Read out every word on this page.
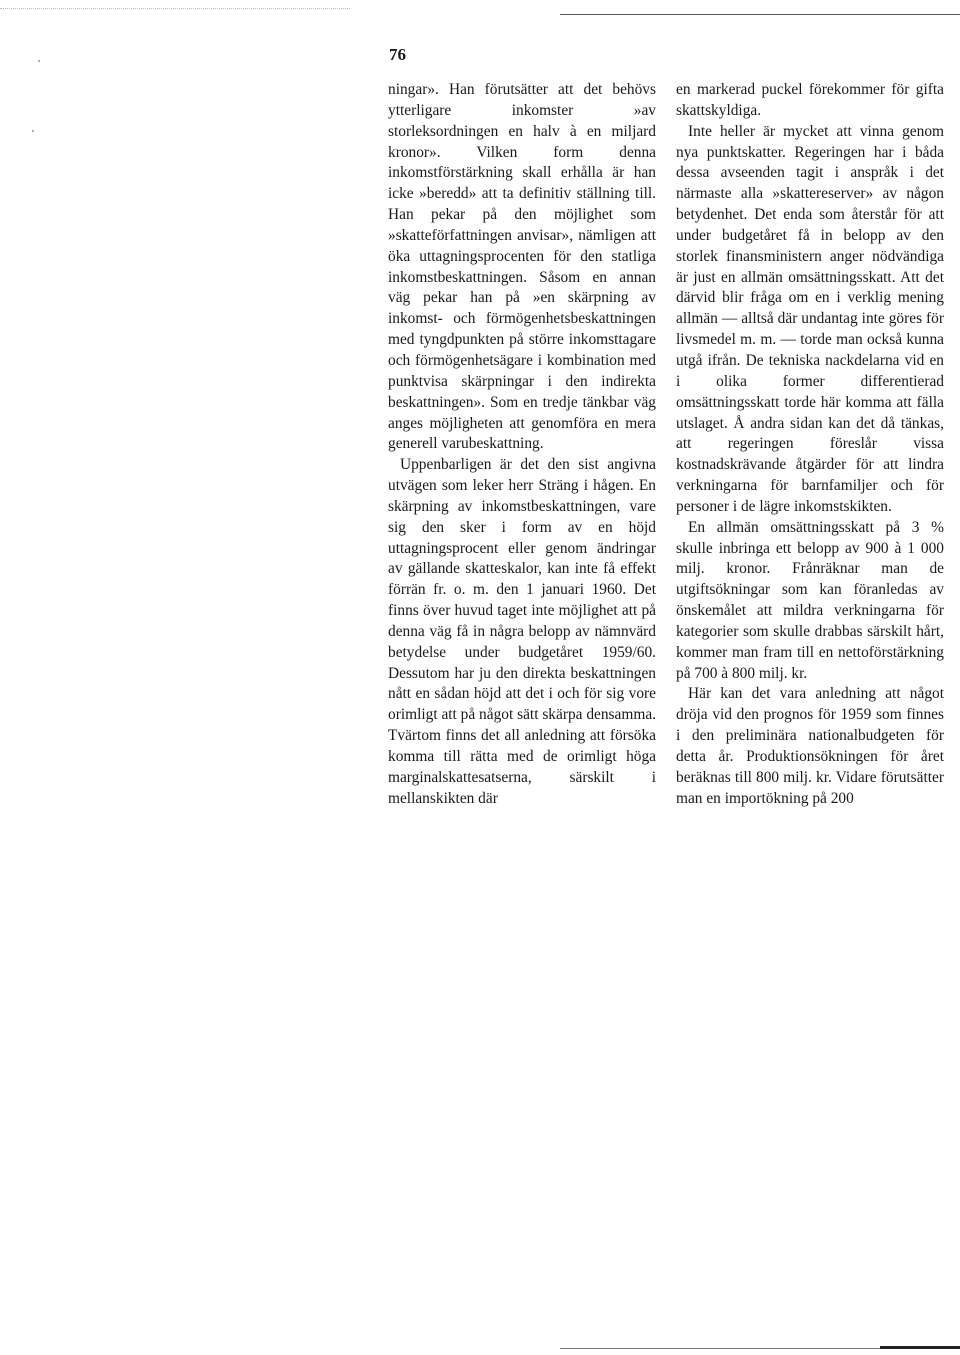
76

ningar». Han förutsätter att det behövs ytterligare inkomster »av storleksordningen en halv à en miljard kronor». Vilken form denna inkomstförstärkning skall erhålla är han icke »beredd» att ta definitiv ställning till. Han pekar på den möjlighet som »skatteförfattningen anvisar», nämligen att öka uttagningsprocenten för den statliga inkomstbeskattningen. Såsom en annan väg pekar han på »en skärpning av inkomst- och förmögenhetsbeskattningen med tyngdpunkten på större inkomsttagare och förmögenhetsägare i kombination med punktvisa skärpningar i den indirekta beskattningen». Som en tredje tänkbar väg anges möjligheten att genomföra en mera generell varubeskattning.

Uppenbarligen är det den sist angivna utvägen som leker herr Sträng i hågen. En skärpning av inkomstbeskattningen, vare sig den sker i form av en höjd uttagningsprocent eller genom ändringar av gällande skatteskalor, kan inte få effekt förrän fr. o. m. den 1 januari 1960. Det finns över huvud taget inte möjlighet att på denna väg få in några belopp av nämnvärd betydelse under budgetåret 1959/60. Dessutom har ju den direkta beskattningen nått en sådan höjd att det i och för sig vore orimligt att på något sätt skärpa densamma. Tvärtom finns det all anledning att försöka komma till rätta med de orimligt höga marginalskattesatserna, särskilt i mellanskikten där

en markerad puckel förekommer för gifta skattskyldiga.

Inte heller är mycket att vinna genom nya punktskatter. Regeringen har i båda dessa avseenden tagit i anspråk i det närmaste alla »skattereserver» av någon betydenhet. Det enda som återstår för att under budgetåret få in belopp av den storlek finansministern anger nödvändiga är just en allmän omsättningsskatt. Att det därvid blir fråga om en i verklig mening allmän — alltså där undantag inte göres för livsmedel m. m. — torde man också kunna utgå ifrån. De tekniska nackdelarna vid en i olika former differentierad omsättningsskatt torde här komma att fälla utslaget. Å andra sidan kan det då tänkas, att regeringen föreslår vissa kostnadskrävande åtgärder för att lindra verkningarna för barnfamiljer och för personer i de lägre inkomstskikten.

En allmän omsättningsskatt på 3 % skulle inbringa ett belopp av 900 à 1 000 milj. kronor. Frånräknar man de utgiftsökningar som kan föranledas av önskemålet att mildra verkningarna för kategorier som skulle drabbas särskilt hårt, kommer man fram till en nettoförstärkning på 700 à 800 milj. kr.

Här kan det vara anledning att något dröja vid den prognos för 1959 som finnes i den preliminära nationalbudgeten för detta år. Produktionsökningen för året beräknas till 800 milj. kr. Vidare förutsätter man en importökning på 200
